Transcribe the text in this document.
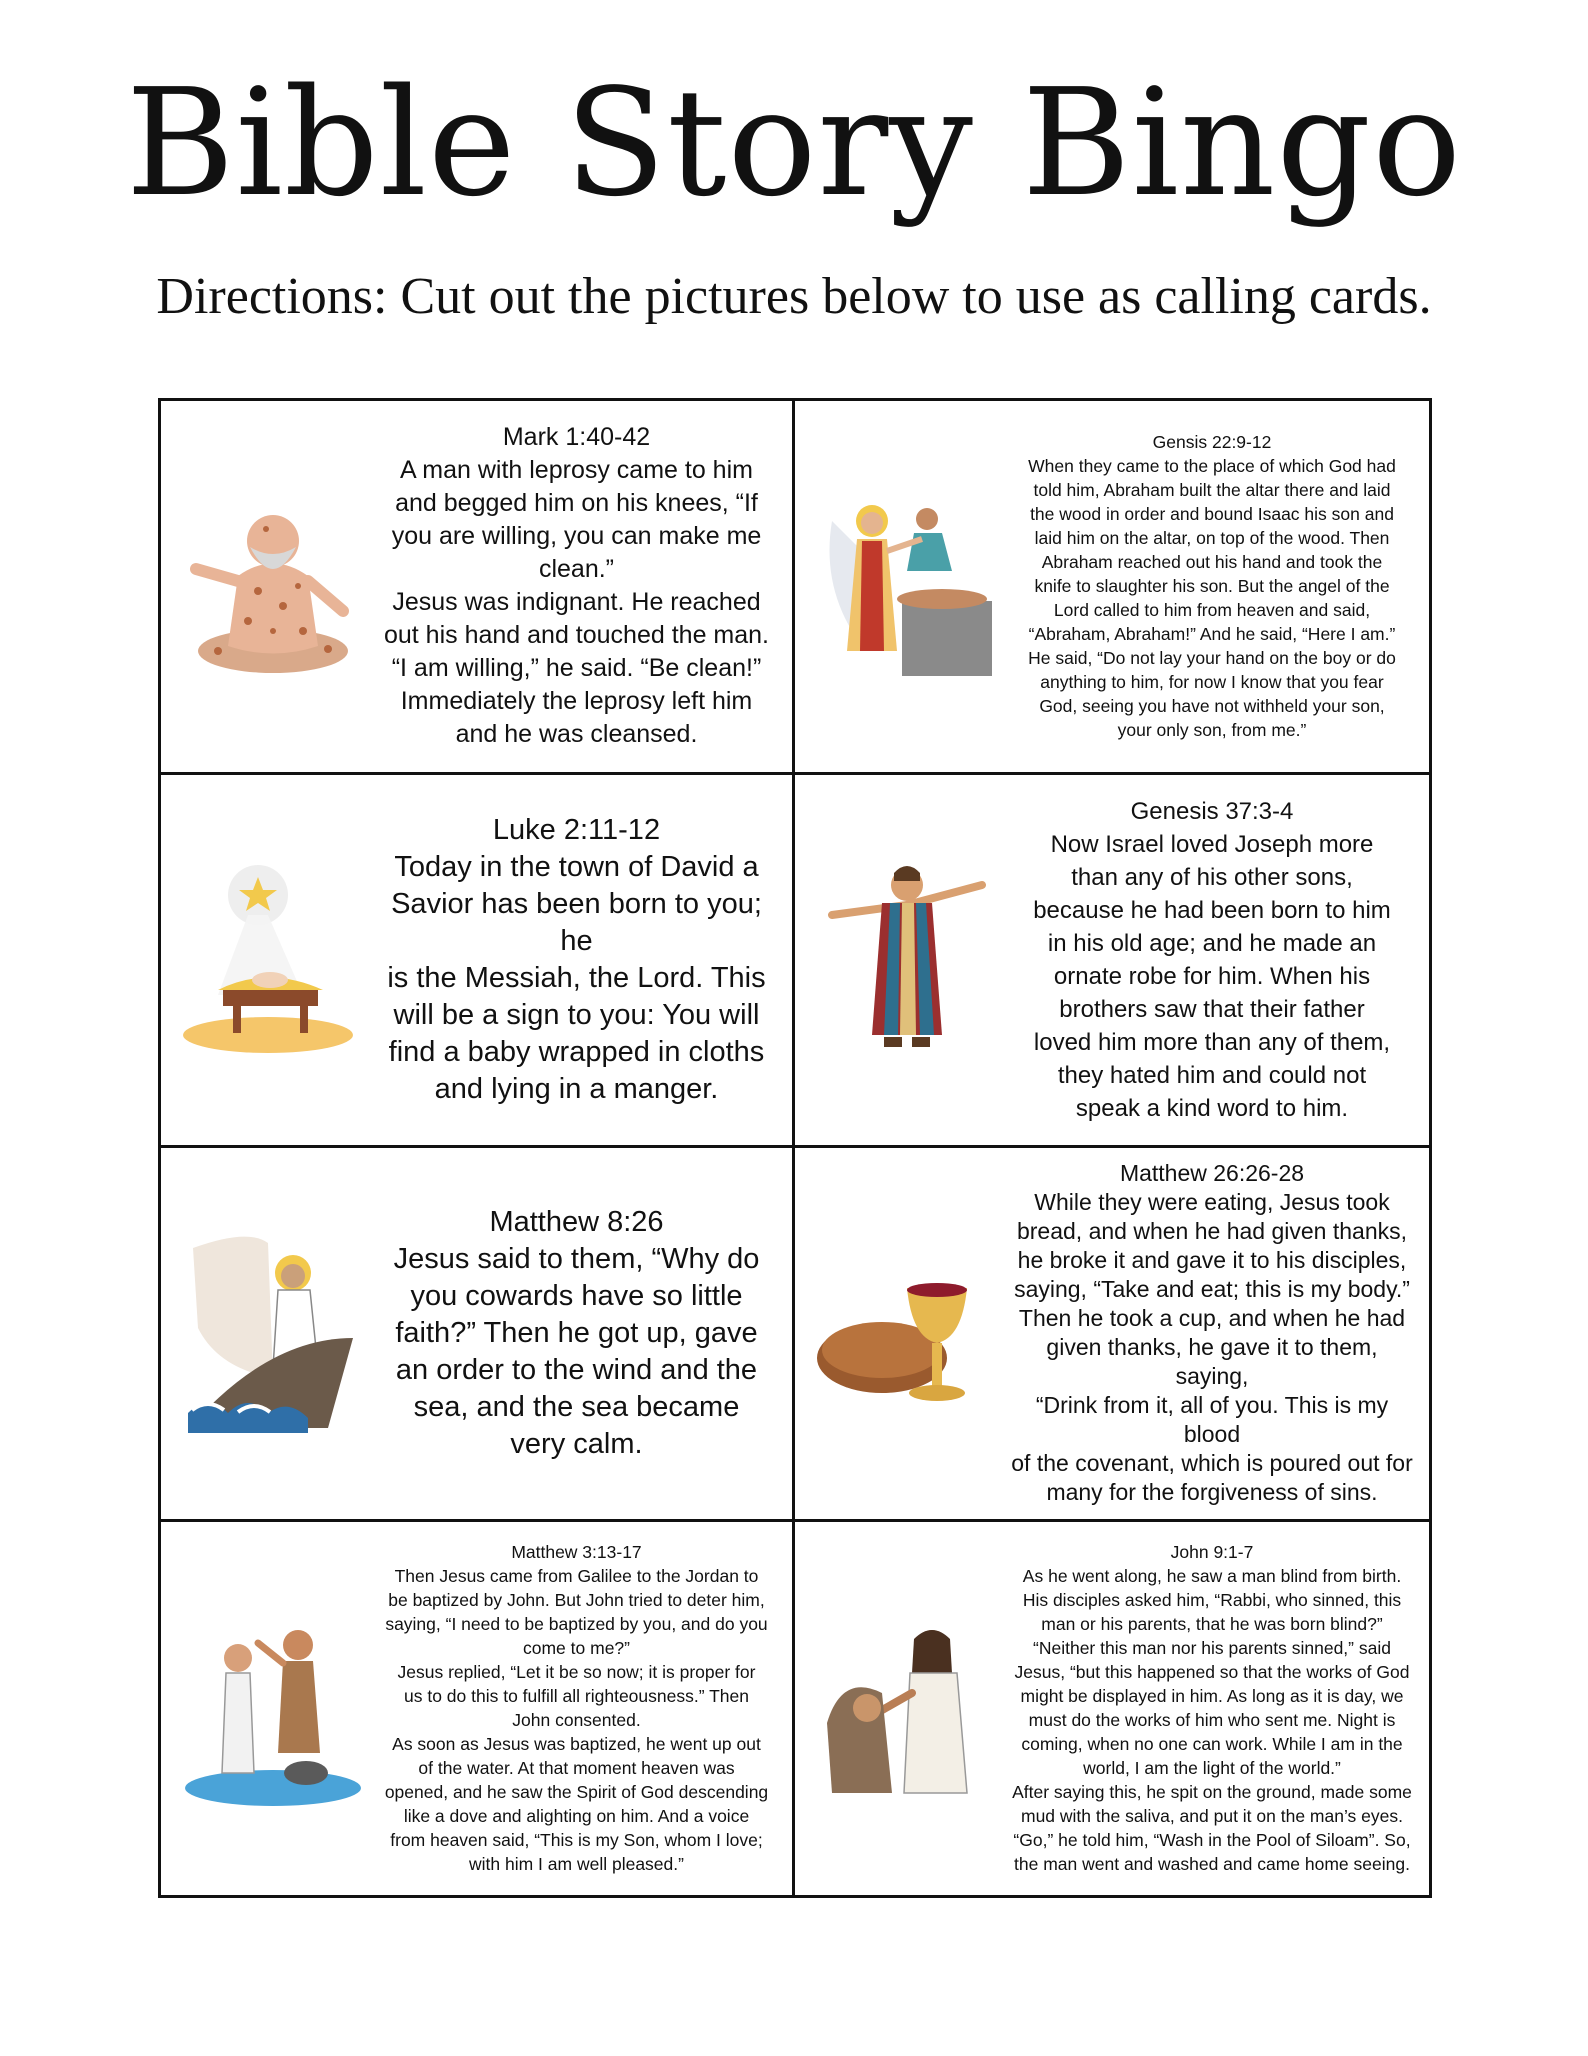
Bible Story Bingo

Directions: Cut out the pictures below to use as calling cards.

Mark 1:40-42
A man with leprosy came to him
and begged him on his knees, “If
you are willing, you can make me
clean.”
Jesus was indignant. He reached
out his hand and touched the man.
“I am willing,” he said. “Be clean!”
Immediately the leprosy left him
and he was cleansed.

Gensis 22:9-12
When they came to the place of which God had
told him, Abraham built the altar there and laid
the wood in order and bound Isaac his son and
laid him on the altar, on top of the wood. Then
Abraham reached out his hand and took the
knife to slaughter his son. But the angel of the
Lord called to him from heaven and said,
“Abraham, Abraham!” And he said, “Here I am.”
He said, “Do not lay your hand on the boy or do
anything to him, for now I know that you fear
God, seeing you have not withheld your son,
your only son, from me.”

Luke 2:11-12
Today in the town of David a
Savior has been born to you; he
is the Messiah, the Lord. This
will be a sign to you: You will
find a baby wrapped in cloths
and lying in a manger.

Genesis 37:3-4
Now Israel loved Joseph more
than any of his other sons,
because he had been born to him
in his old age; and he made an
ornate robe for him. When his
brothers saw that their father
loved him more than any of them,
they hated him and could not
speak a kind word to him.

Matthew 8:26
Jesus said to them, “Why do
you cowards have so little
faith?” Then he got up, gave
an order to the wind and the
sea, and the sea became
very calm.

Matthew 26:26-28
While they were eating, Jesus took
bread, and when he had given thanks,
he broke it and gave it to his disciples,
saying, “Take and eat; this is my body.”
Then he took a cup, and when he had
given thanks, he gave it to them, saying,
“Drink from it, all of you. This is my blood
of the covenant, which is poured out for
many for the forgiveness of sins.

Matthew 3:13-17
Then Jesus came from Galilee to the Jordan to
be baptized by John. But John tried to deter him,
saying, “I need to be baptized by you, and do you
come to me?”
Jesus replied, “Let it be so now; it is proper for
us to do this to fulfill all righteousness.” Then
John consented.
As soon as Jesus was baptized, he went up out
of the water. At that moment heaven was
opened, and he saw the Spirit of God descending
like a dove and alighting on him. And a voice
from heaven said, “This is my Son, whom I love;
with him I am well pleased.”

John 9:1-7
As he went along, he saw a man blind from birth.
His disciples asked him, “Rabbi, who sinned, this
man or his parents, that he was born blind?”
“Neither this man nor his parents sinned,” said
Jesus, “but this happened so that the works of God
might be displayed in him. As long as it is day, we
must do the works of him who sent me. Night is
coming, when no one can work. While I am in the
world, I am the light of the world.”
After saying this, he spit on the ground, made some
mud with the saliva, and put it on the man’s eyes.
“Go,” he told him, “Wash in the Pool of Siloam”. So,
the man went and washed and came home seeing.
